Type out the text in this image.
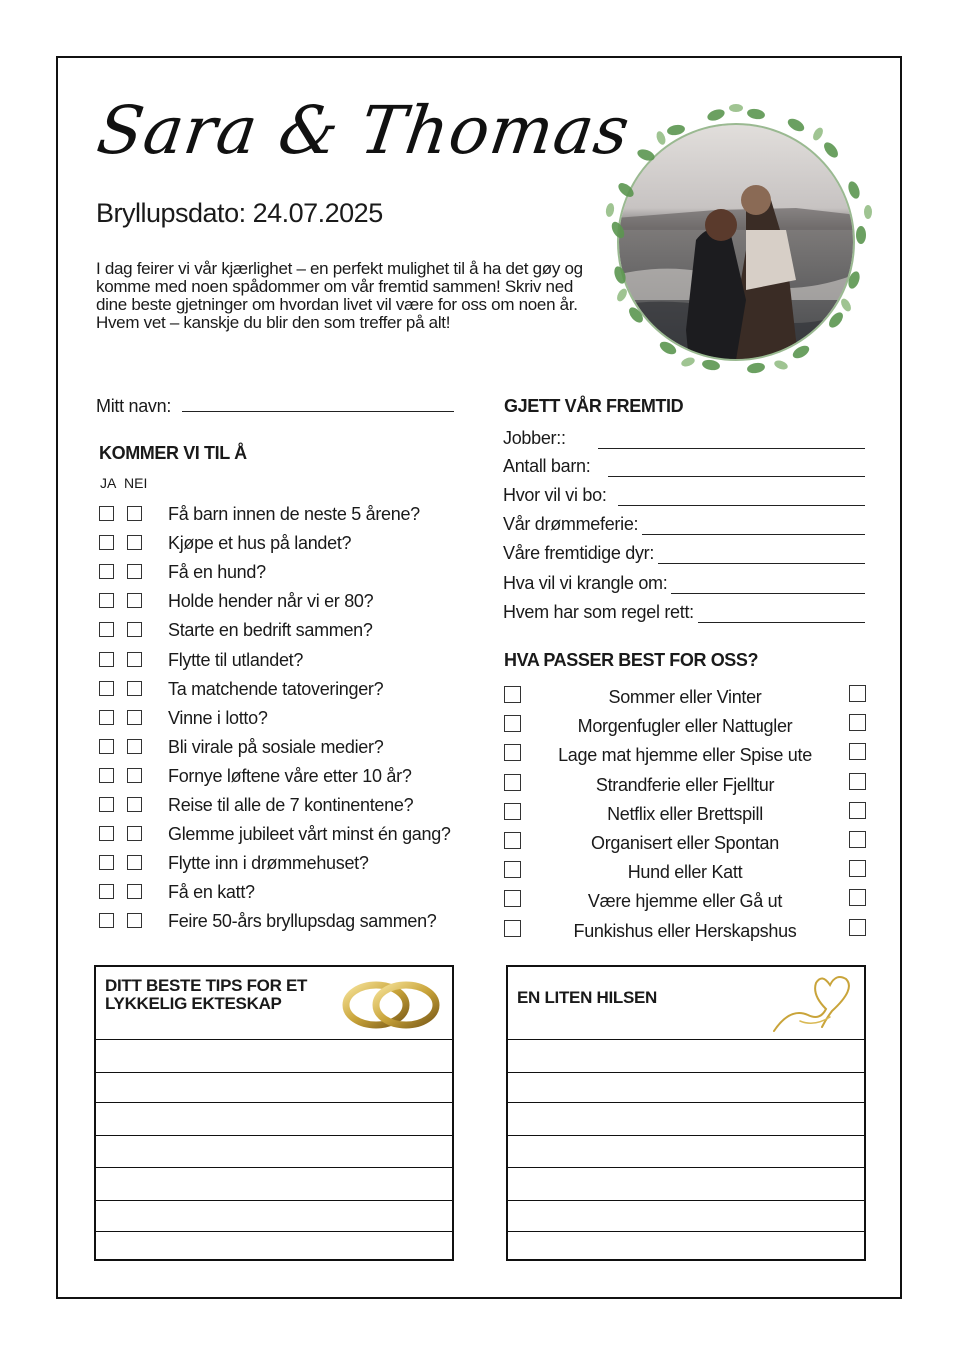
Sara & Thomas
Bryllupsdato: 24.07.2025
I dag feirer vi vår kjærlighet – en perfekt mulighet til å ha det gøy og komme med noen spådommer om vår fremtid sammen! Skriv ned dine beste gjetninger om hvordan livet vil være for oss om noen år. Hvem vet – kanskje du blir den som treffer på alt!
Mitt navn:
KOMMER VI TIL Å
JA NEI
Få barn innen de neste 5 årene?
Kjøpe et hus på landet?
Få en hund?
Holde hender når vi er 80?
Starte en bedrift sammen?
Flytte til utlandet?
Ta matchende tatoveringer?
Vinne i lotto?
Bli virale på sosiale medier?
Fornye løftene våre etter 10 år?
Reise til alle de 7 kontinentene?
Glemme jubileet vårt minst én gang?
Flytte inn i drømmehuset?
Få en katt?
Feire 50-års bryllupsdag sammen?
GJETT VÅR FREMTID
Jobber::
Antall barn:
Hvor vil vi bo:
Vår drømmeferie:
Våre fremtidige dyr:
Hva vil vi krangle om:
Hvem har som regel rett:
HVA PASSER BEST FOR OSS?
Sommer eller Vinter
Morgenfugler eller Nattugler
Lage mat hjemme eller Spise ute
Strandferie eller Fjelltur
Netflix eller Brettspill
Organisert eller Spontan
Hund eller Katt
Være hjemme eller Gå ut
Funkishus eller Herskapshus
DITT BESTE TIPS FOR ET LYKKELIG EKTESKAP	EN LITEN HILSEN
